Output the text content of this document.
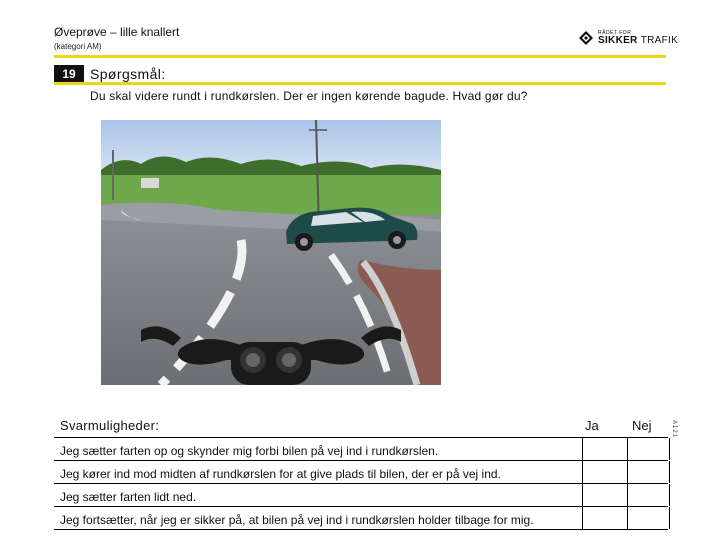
Øveprøve – lille knallert
(kategori AM)
RÅDET FOR
SIKKER TRAFIK
19	Spørgsmål:
Du skal videre rundt i rundkørslen. Der er ingen kørende bagude. Hvad gør du?
A121
Svarmuligheder:	Ja	Nej
Jeg sætter farten op og skynder mig forbi bilen på vej ind i rundkørslen.
Jeg kører ind mod midten af rundkørslen for at give plads til bilen, der er på vej ind.
Jeg sætter farten lidt ned.
Jeg fortsætter, når jeg er sikker på, at bilen på vej ind i rundkørslen holder tilbage for mig.
